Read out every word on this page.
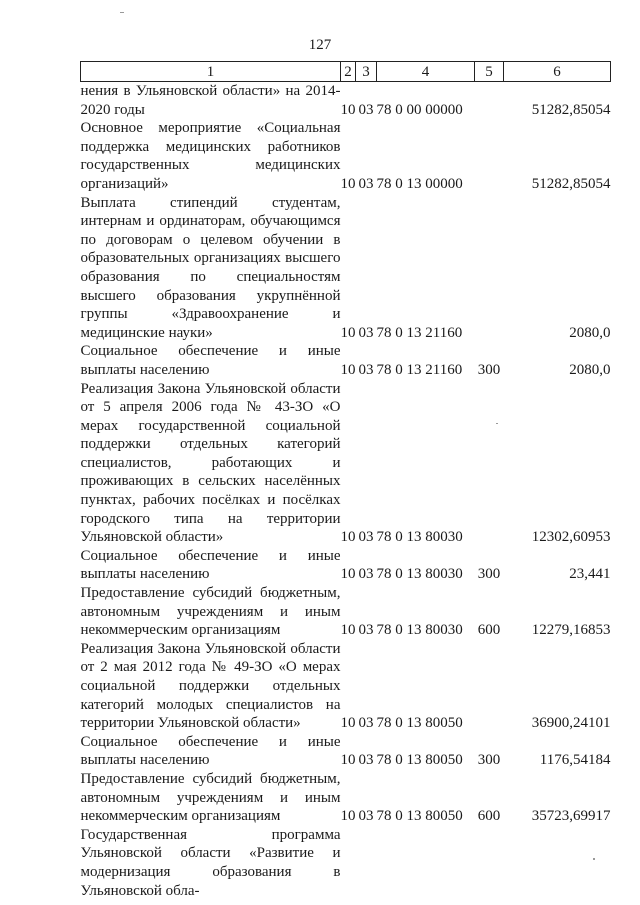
127
1	2	3	4	5	6
нения в Ульяновской области» на 2014-2020 годы	10	03	78 0 00 00000		51282,85054
Основное мероприятие «Социальная поддержка медицинских работников государственных медицинских организаций»	10	03	78 0 13 00000		51282,85054
Выплата стипендий студентам, интернам и ординаторам, обучающимся по договорам о целевом обучении в образовательных организациях высшего образования по специальностям высшего образования укрупнённой группы «Здравоохранение и медицинские науки»	10	03	78 0 13 21160		2080,0
Социальное обеспечение и иные выплаты населению	10	03	78 0 13 21160	300	2080,0
Реализация Закона Ульяновской области от 5 апреля 2006 года № 43-ЗО «О мерах государственной социальной поддержки отдельных категорий специалистов, работающих и проживающих в сельских населённых пунктах, рабочих посёлках и посёлках городского типа на территории Ульяновской области»	10	03	78 0 13 80030		12302,60953
Социальное обеспечение и иные выплаты населению	10	03	78 0 13 80030	300	23,441
Предоставление субсидий бюджетным, автономным учреждениям и иным некоммерческим организациям	10	03	78 0 13 80030	600	12279,16853
Реализация Закона Ульяновской области от 2 мая 2012 года № 49-ЗО «О мерах социальной поддержки отдельных категорий молодых специалистов на территории Ульяновской области»	10	03	78 0 13 80050		36900,24101
Социальное обеспечение и иные выплаты населению	10	03	78 0 13 80050	300	1176,54184
Предоставление субсидий бюджетным, автономным учреждениям и иным некоммерческим организациям	10	03	78 0 13 80050	600	35723,69917
Государственная программа Ульяновской области «Развитие и модернизация образования в Ульяновской обла-					
